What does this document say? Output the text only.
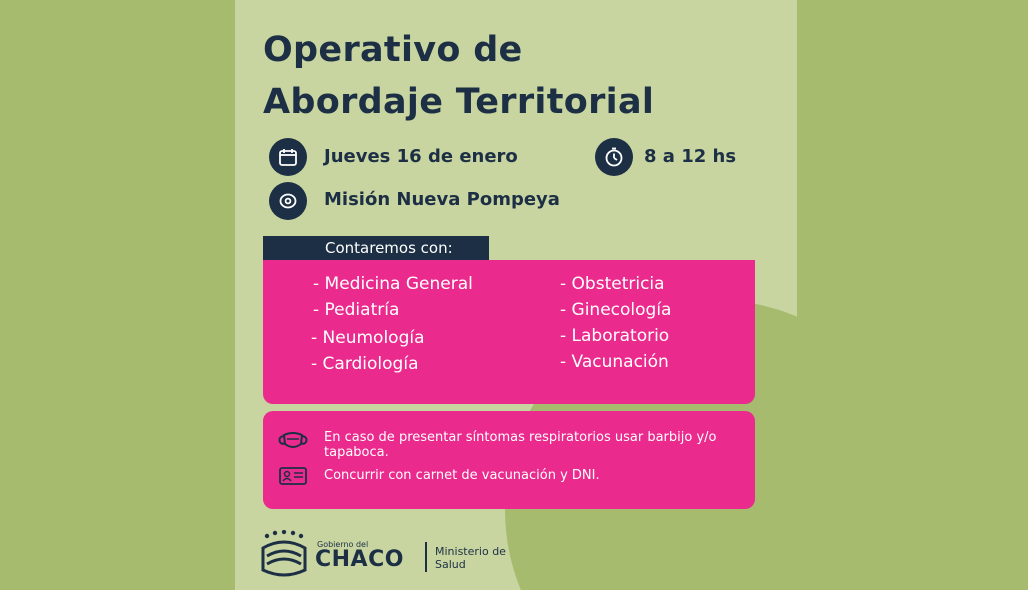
Operativo de
Abordaje Territorial
Jueves 16 de enero	8 a 12 hs
Misión Nueva Pompeya
Contaremos con:
- Medicina General
- Pediatría
- Neumología
- Cardiología
- Obstetricia
- Ginecología
- Laboratorio
- Vacunación
En caso de presentar síntomas respiratorios usar barbijo y/o tapaboca.
Concurrir con carnet de vacunación y DNI.
Gobierno del
CHACO	Ministerio de Salud
